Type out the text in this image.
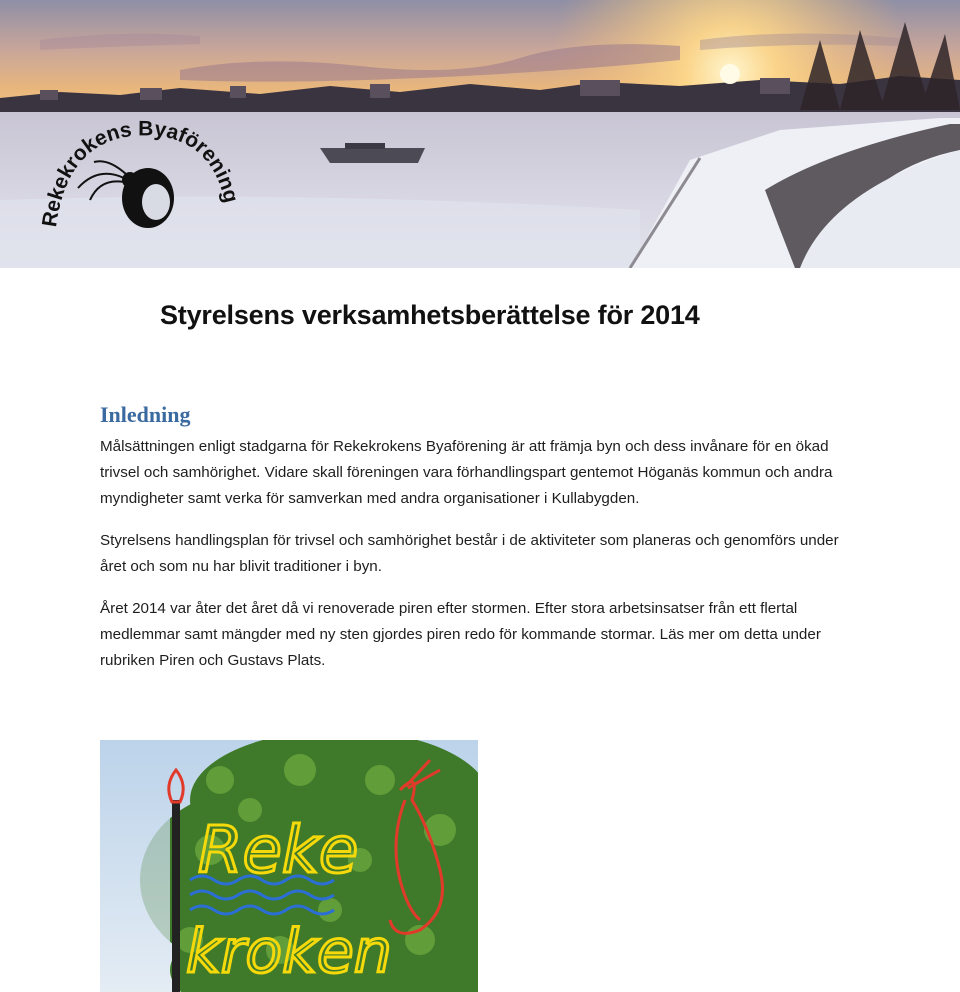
Rekekrokens Byaförening
Styrelsens verksamhetsberättelse för 2014
Inledning

Målsättningen enligt stadgarna för Rekekrokens Byaförening är att främja byn och dess invånare för en ökad trivsel och samhörighet. Vidare skall föreningen vara förhandlingspart gentemot Höganäs kommun och andra myndigheter samt verka för samverkan med andra organisationer i Kullabygden.

Styrelsens handlingsplan för trivsel och samhörighet består i de aktiviteter som planeras och genomförs under året och som nu har blivit traditioner i byn.

Året 2014 var åter det året då vi renoverade piren efter stormen. Efter stora arbetsinsatser från ett flertal medlemmar samt mängder med ny sten gjordes piren redo för kommande stormar. Läs mer om detta under rubriken Piren och Gustavs Plats.

Reke
kroken
